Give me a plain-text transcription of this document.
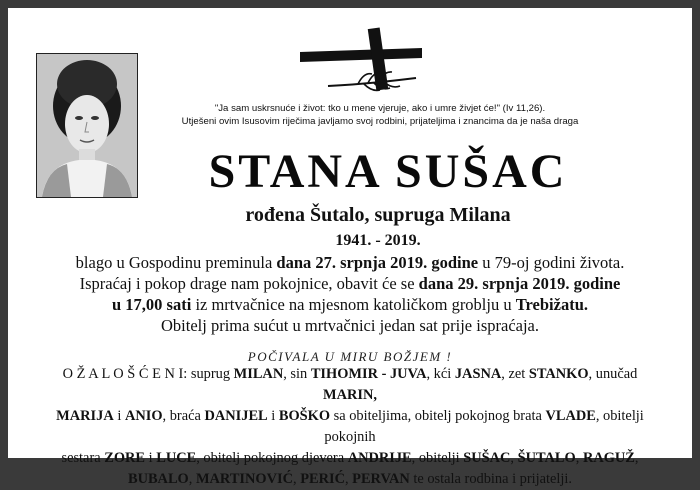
"Ja sam uskrsnuće i život: tko u mene vjeruje, ako i umre živjet će!" (Iv 11,26).
Utješeni ovim Isusovim riječima javljamo svoj rodbini, prijateljima i znancima da je naša draga
STANA SUŠAC
rođena Šutalo, supruga Milana
1941. - 2019.
blago u Gospodinu preminula dana 27. srpnja 2019. godine u 79-oj godini života.
Ispraćaj i pokop drage nam pokojnice, obavit će se dana 29. srpnja 2019. godine
u 17,00 sati iz mrtvačnice na mjesnom katoličkom groblju u Trebižatu.
Obitelj prima sućut u mrtvačnici jedan sat prije ispraćaja.
POČIVALA U MIRU BOŽJEM !
O Ž A L O Š Ć E N I: suprug MILAN, sin TIHOMIR - JUVA, kći JASNA, zet STANKO, unučad MARIN,
MARIJA i ANIO, braća DANIJEL i BOŠKO sa obiteljima, obitelj pokojnog brata VLADE, obitelji pokojnih
sestara ZORE i LUCE, obitelj pokojnog djevera ANDRIJE, obitelji SUŠAC, ŠUTALO, RAGUŽ,
BUBALO, MARTINOVIĆ, PERIĆ, PERVAN te ostala rodbina i prijatelji.
